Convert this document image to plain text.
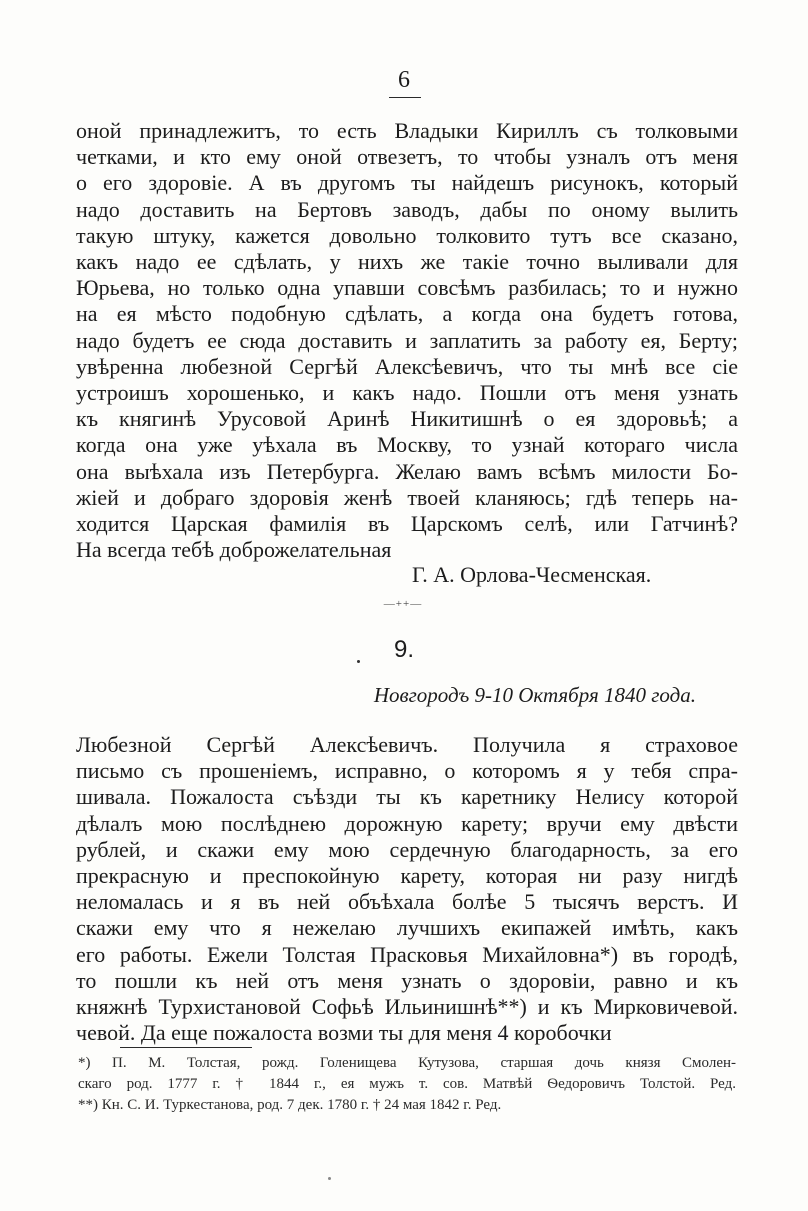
6
оной принадлежитъ, то есть Владыки Кириллъ съ толковыми
четками, и кто ему оной отвезетъ, то чтобы узналъ отъ меня
о его здоровіе. А въ другомъ ты найдешъ рисунокъ, который
надо доставить на Бертовъ заводъ, дабы по оному вылить
такую штуку, кажется довольно толковито тутъ все сказано,
какъ надо ее сдѣлать, у нихъ же такіе точно выливали для
Юрьева, но только одна упавши совсѣмъ разбилась; то и нужно
на ея мѣсто подобную сдѣлать, а когда она будетъ готова,
надо будетъ ее сюда доставить и заплатить за работу ея, Берту;
увѣренна любезной Сергѣй Алексѣевичъ, что ты мнѣ все сіе
устроишъ хорошенько, и какъ надо. Пошли отъ меня узнать
къ княгинѣ Урусовой Аринѣ Никитишнѣ о ея здоровьѣ; а
когда она уже уѣхала въ Москву, то узнай котораго числа
она выѣхала изъ Петербурга. Желаю вамъ всѣмъ милости Бо-
жіей и добраго здоровія женѣ твоей кланяюсь; гдѣ теперь на-
ходится Царская фамилія въ Царскомъ селѣ, или Гатчинѣ?
На всегда тебѣ доброжелательная
Г. А. Орлова-Чесменская.
—++—
9.
Новгородъ 9-10 Октября 1840 года.
Любезной Сергѣй Алексѣевичъ. Получила я страховое
письмо съ прошеніемъ, исправно, о которомъ я у тебя спра-
шивала. Пожалоста съѣзди ты къ каретнику Нелису которой
дѣлалъ мою послѣднею дорожную карету; вручи ему двѣсти
рублей, и скажи ему мою сердечную благодарность, за его
прекрасную и преспокойную карету, которая ни разу нигдѣ
неломалась и я въ ней объѣхала болѣе 5 тысячъ верстъ. И
скажи ему что я нежелаю лучшихъ екипажей имѣть, какъ
его работы. Ежели Толстая Прасковья Михайловна*) въ городѣ,
то пошли къ ней отъ меня узнать о здоровіи, равно и къ
княжнѣ Турхистановой Софьѣ Ильинишнѣ**) и къ Мирковичевой.
чевой. Да еще пожалоста возми ты для меня 4 коробочки
*) П. М. Толстая, рожд. Голенищева Кутузова, старшая дочь князя Смолен-
скаго род. 1777 г. † 1844 г., ея мужъ т. сов. Матвѣй Ѳедоровичъ Толстой. Ред.
**) Кн. С. И. Туркестанова, род. 7 дек. 1780 г. † 24 мая 1842 г. Ред.
